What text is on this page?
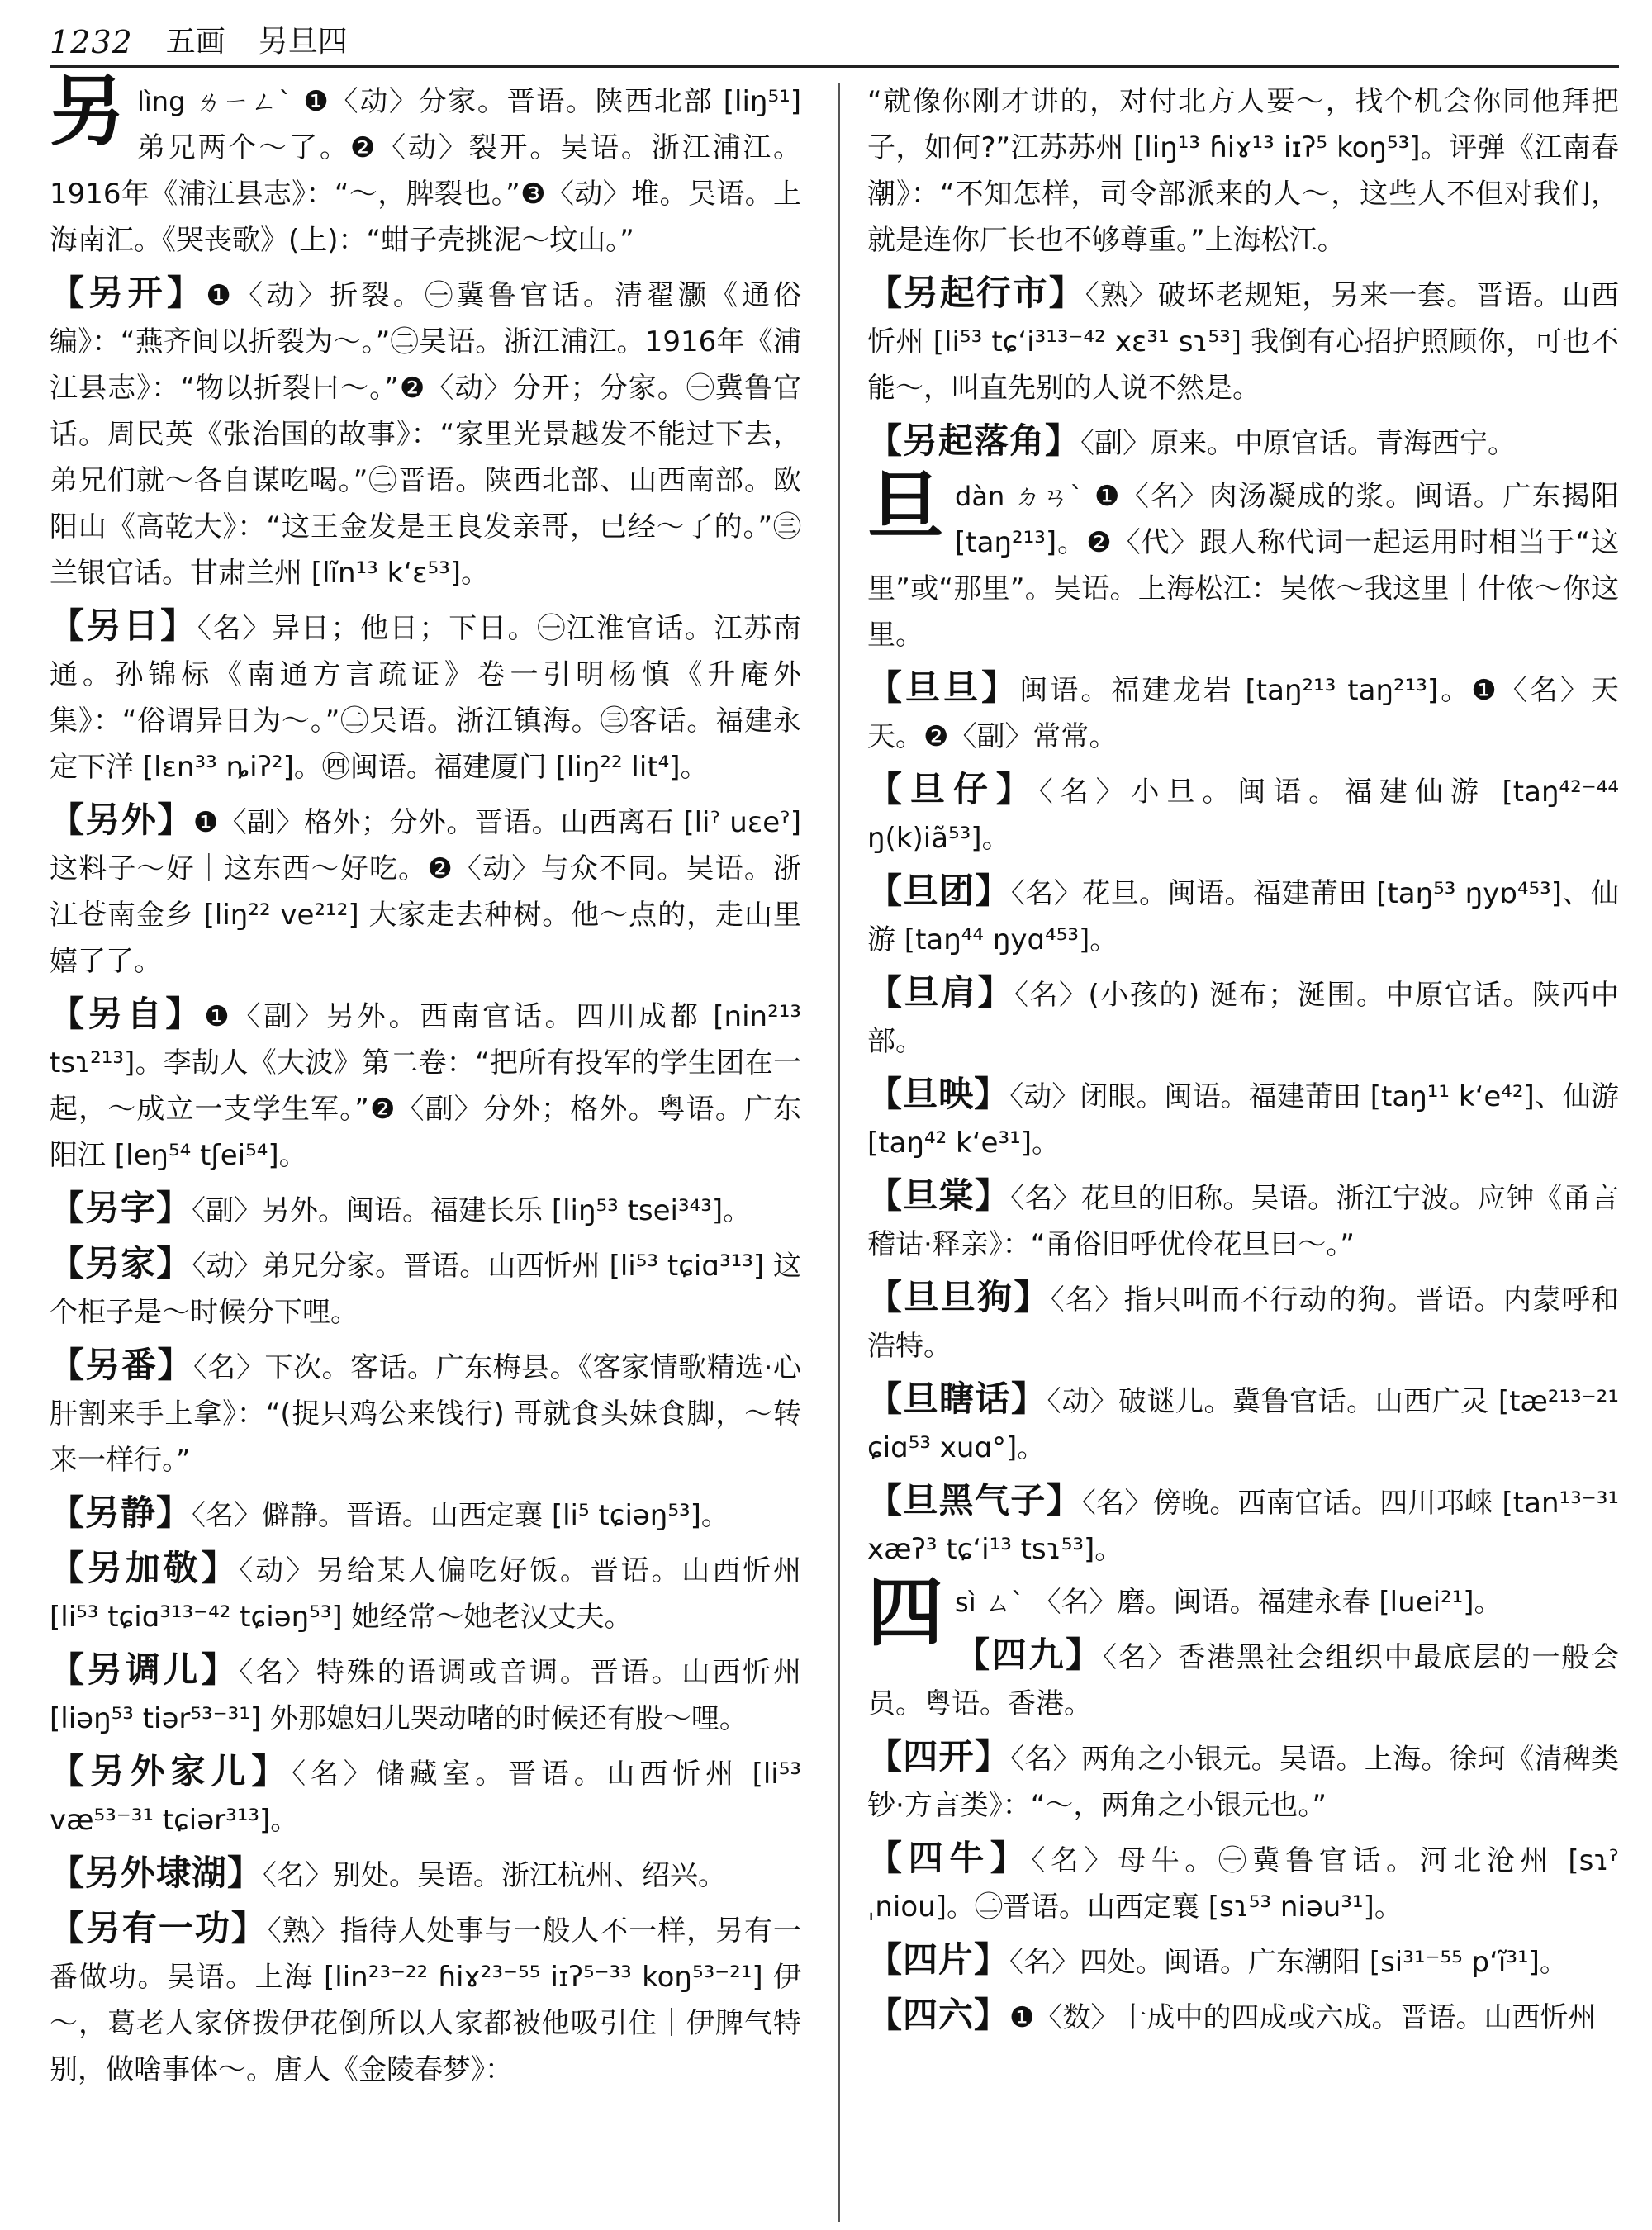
1232 五画 另旦四
另 lìng ㄌㄧㄥˋ ❶〈动〉分家。晋语。陕西北部 [liŋ⁵¹] 弟兄两个～了。❷〈动〉裂开。吴语。浙江浦江。1916年《浦江县志》：“～，脾裂也。”❸〈动〉堆。吴语。上海南汇。《哭丧歌》(上)：“蚶子壳挑泥～坟山。”
【另开】❶〈动〉折裂。㊀冀鲁官话。清翟灏《通俗编》：“燕齐间以折裂为～。”㊁吴语。浙江浦江。1916年《浦江县志》：“物以折裂曰～。”❷〈动〉分开；分家。㊀冀鲁官话。周民英《张治国的故事》：“家里光景越发不能过下去，弟兄们就～各自谋吃喝。”㊁晋语。陕西北部、山西南部。欧阳山《高乾大》：“这王金发是王良发亲哥，已经～了的。”㊂兰银官话。甘肃兰州 [lĩn¹³ kʻɛ⁵³]。
【另日】〈名〉异日；他日；下日。㊀江淮官话。江苏南通。孙锦标《南通方言疏证》卷一引明杨慎《升庵外集》：“俗谓异日为～。”㊁吴语。浙江镇海。㊂客话。福建永定下洋 [lɛn³³ ȵiʔ²]。㊃闽语。福建厦门 [liŋ²² lit⁴]。
【另外】❶〈副〉格外；分外。晋语。山西离石 [liˀ uɛeˀ] 这料子～好｜这东西～好吃。❷〈动〉与众不同。吴语。浙江苍南金乡 [liŋ²² ve²¹²] 大家走去种树。他～点的，走山里嬉了了。
【另自】❶〈副〉另外。西南官话。四川成都 [nin²¹³ tsɿ²¹³]。李劼人《大波》第二卷：“把所有投军的学生团在一起，～成立一支学生军。”❷〈副〉分外；格外。粤语。广东阳江 [leŋ⁵⁴ tʃei⁵⁴]。
【另字】〈副〉另外。闽语。福建长乐 [liŋ⁵³ tsei³⁴³]。
【另家】〈动〉弟兄分家。晋语。山西忻州 [li⁵³ tɕiɑ³¹³] 这个柜子是～时候分下哩。
【另番】〈名〉下次。客话。广东梅县。《客家情歌精选·心肝割来手上拿》：“(捉只鸡公来饯行) 哥就食头妹食脚，～转来一样行。”
【另静】〈名〉僻静。晋语。山西定襄 [li⁵ tɕiəŋ⁵³]。
【另加敬】〈动〉另给某人偏吃好饭。晋语。山西忻州 [li⁵³ tɕiɑ³¹³⁻⁴² tɕiəŋ⁵³] 她经常～她老汉丈夫。
【另调儿】〈名〉特殊的语调或音调。晋语。山西忻州 [liəŋ⁵³ tiər⁵³⁻³¹] 外那媳妇儿哭动啫的时候还有股～哩。
【另外家儿】〈名〉储藏室。晋语。山西忻州 [li⁵³ væ⁵³⁻³¹ tɕiər³¹³]。
【另外埭湖】〈名〉别处。吴语。浙江杭州、绍兴。
【另有一功】〈熟〉指待人处事与一般人不一样，另有一番做功。吴语。上海 [lin²³⁻²² ɦiɤ²³⁻⁵⁵ iɪʔ⁵⁻³³ koŋ⁵³⁻²¹] 伊～，葛老人家侪拨伊花倒所以人家都被他吸引住｜伊脾气特别，做啥事体～。唐人《金陵春梦》：
“就像你刚才讲的，对付北方人要～，找个机会你同他拜把子，如何?”江苏苏州 [liŋ¹³ ɦiɤ¹³ iɪʔ⁵ koŋ⁵³]。评弹《江南春潮》：“不知怎样，司令部派来的人～，这些人不但对我们，就是连你厂长也不够尊重。”上海松江。
【另起行市】〈熟〉破坏老规矩，另来一套。晋语。山西忻州 [li⁵³ tɕʻi³¹³⁻⁴² xɛ³¹ sɿ⁵³] 我倒有心招护照顾你，可也不能～，叫直先别的人说不然是。
【另起落角】〈副〉原来。中原官话。青海西宁。
旦 dàn ㄉㄢˋ ❶〈名〉肉汤凝成的浆。闽语。广东揭阳 [taŋ²¹³]。❷〈代〉跟人称代词一起运用时相当于“这里”或“那里”。吴语。上海松江：吴侬～我这里｜什侬～你这里。
【旦旦】闽语。福建龙岩 [taŋ²¹³ taŋ²¹³]。❶〈名〉天天。❷〈副〉常常。
【旦仔】〈名〉小旦。闽语。福建仙游 [taŋ⁴²⁻⁴⁴ ŋ(k)iã⁵³]。
【旦团】〈名〉花旦。闽语。福建莆田 [taŋ⁵³ ŋyɒ⁴⁵³]、仙游 [taŋ⁴⁴ ŋyɑ⁴⁵³]。
【旦肩】〈名〉(小孩的) 涎布；涎围。中原官话。陕西中部。
【旦映】〈动〉闭眼。闽语。福建莆田 [taŋ¹¹ kʻe⁴²]、仙游 [taŋ⁴² kʻe³¹]。
【旦棠】〈名〉花旦的旧称。吴语。浙江宁波。应钟《甬言稽诂·释亲》：“甬俗旧呼优伶花旦曰～。”
【旦旦狗】〈名〉指只叫而不行动的狗。晋语。内蒙呼和浩特。
【旦瞎话】〈动〉破谜儿。冀鲁官话。山西广灵 [tæ²¹³⁻²¹ ɕiɑ⁵³ xuɑ°]。
【旦黑气子】〈名〉傍晚。西南官话。四川邛崃 [tan¹³⁻³¹ xæʔ³ tɕʻi¹³ tsɿ⁵³]。
四 sì ㄙˋ 〈名〉磨。闽语。福建永春 [luei²¹]。
【四九】〈名〉香港黑社会组织中最底层的一般会员。粤语。香港。
【四开】〈名〉两角之小银元。吴语。上海。徐珂《清稗类钞·方言类》：“～，两角之小银元也。”
【四牛】〈名〉母牛。㊀冀鲁官话。河北沧州 [sɿˀ ˌniou]。㊁晋语。山西定襄 [sɿ⁵³ niəu³¹]。
【四片】〈名〉四处。闽语。广东潮阳 [si³¹⁻⁵⁵ pʻĩ³¹]。
【四六】❶〈数〉十成中的四成或六成。晋语。山西忻州
